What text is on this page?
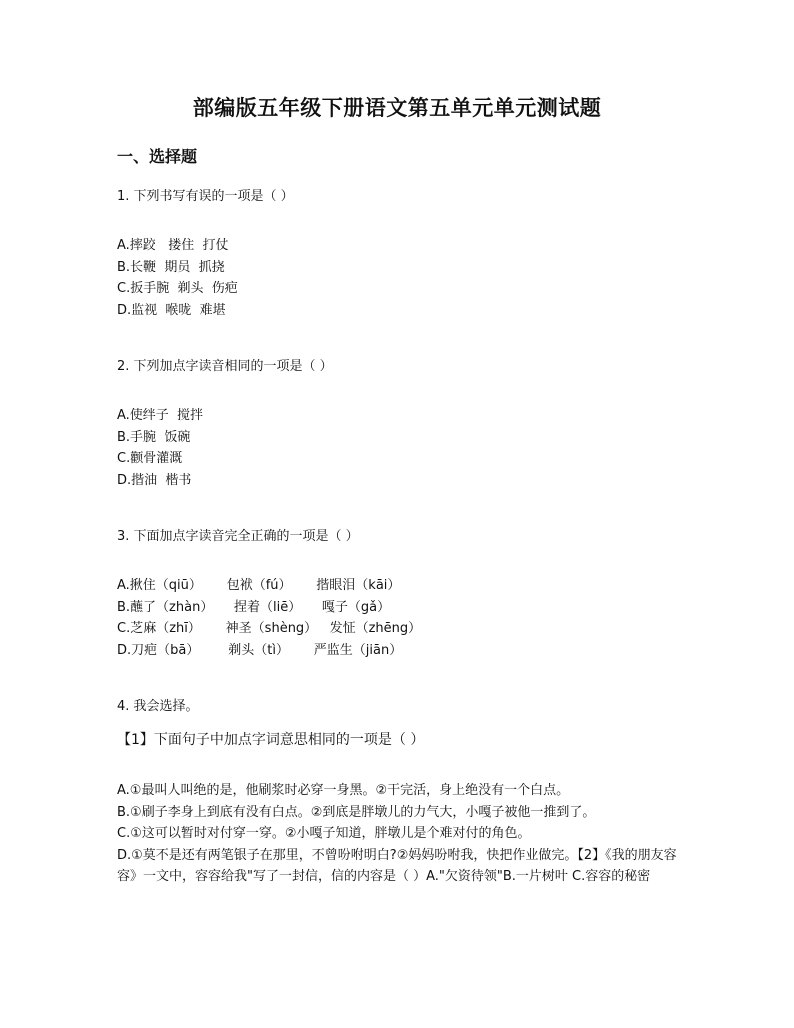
部编版五年级下册语文第五单元单元测试题
一、选择题
1. 下列书写有误的一项是（ ）
A.摔跤   搂住  打仗
B.长鞭  期员  抓挠
C.扳手腕  剃头  伤疤
D.监视  喉咙  难堪
2. 下列加点字读音相同的一项是（ ）
A.使绊子  搅拌
B.手腕  饭碗
C.颧骨灌溉
D.揩油  楷书
3. 下面加点字读音完全正确的一项是（ ）
A.揪住（qiū）      包袱（fú）      揩眼泪（kāi）
B.蘸了（zhàn）     捏着（liē）     嘎子（gǎ）
C.芝麻（zhī）      神圣（shèng）   发怔（zhēng）
D.刀疤（bā）       剃头（tì）      严监生（jiān）
4. 我会选择。
【1】下面句子中加点字词意思相同的一项是（ ）
A.①最叫人叫绝的是，他刷浆时必穿一身黑。②干完活，身上绝没有一个白点。
B.①刷子李身上到底有没有白点。②到底是胖墩儿的力气大，小嘎子被他一推到了。
C.①这可以暂时对付穿一穿。②小嘎子知道，胖墩儿是个难对付的角色。
D.①莫不是还有两笔银子在那里，不曾吩咐明白?②妈妈吩咐我，快把作业做完。【2】《我的朋友容容》一文中，容容给我"写了一封信，信的内容是（ ）A."欠资待领"B.一片树叶 C.容容的秘密
